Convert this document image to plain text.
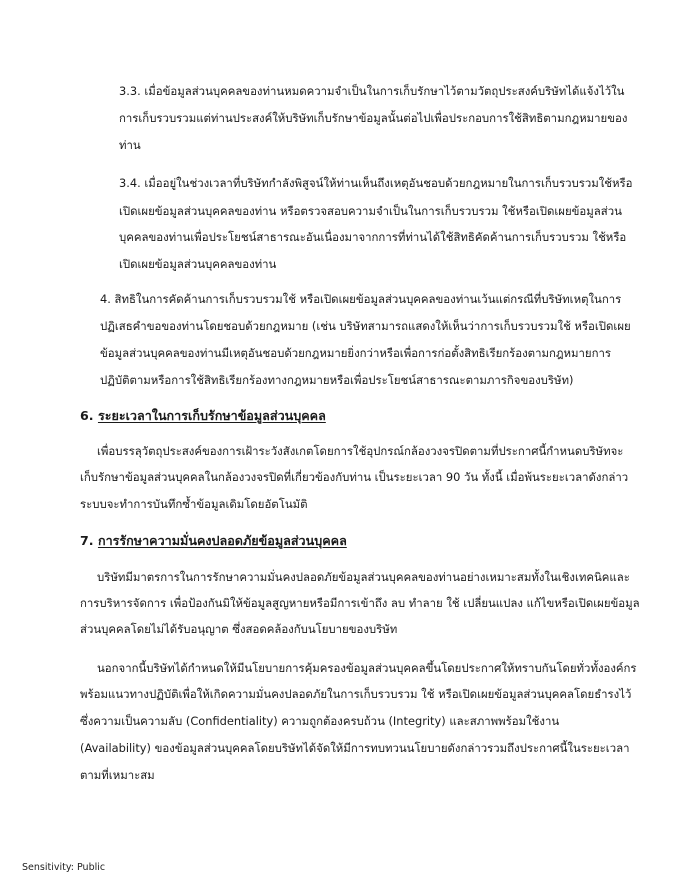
3.3. เมื่อข้อมูลส่วนบุคคลของท่านหมดความจำเป็นในการเก็บรักษาไว้ตามวัตถุประสงค์บริษัทได้แจ้งไว้ใน
การเก็บรวบรวมแต่ท่านประสงค์ให้บริษัทเก็บรักษาข้อมูลนั้นต่อไปเพื่อประกอบการใช้สิทธิตามกฎหมายของ
ท่าน
3.4. เมื่ออยู่ในช่วงเวลาที่บริษัทกำลังพิสูจน์ให้ท่านเห็นถึงเหตุอันชอบด้วยกฎหมายในการเก็บรวบรวมใช้หรือ
เปิดเผยข้อมูลส่วนบุคคลของท่าน หรือตรวจสอบความจำเป็นในการเก็บรวบรวม ใช้หรือเปิดเผยข้อมูลส่วน
บุคคลของท่านเพื่อประโยชน์สาธารณะอันเนื่องมาจากการที่ท่านได้ใช้สิทธิคัดค้านการเก็บรวบรวม ใช้หรือ
เปิดเผยข้อมูลส่วนบุคคลของท่าน
4. สิทธิในการคัดค้านการเก็บรวบรวมใช้ หรือเปิดเผยข้อมูลส่วนบุคคลของท่านเว้นแต่กรณีที่บริษัทเหตุในการ
ปฏิเสธคำขอของท่านโดยชอบด้วยกฎหมาย (เช่น บริษัทสามารถแสดงให้เห็นว่าการเก็บรวบรวมใช้ หรือเปิดเผย
ข้อมูลส่วนบุคคลของท่านมีเหตุอันชอบด้วยกฎหมายยิ่งกว่าหรือเพื่อการก่อตั้งสิทธิเรียกร้องตามกฎหมายการ
ปฏิบัติตามหรือการใช้สิทธิเรียกร้องทางกฎหมายหรือเพื่อประโยชน์สาธารณะตามภารกิจของบริษัท)
6. ระยะเวลาในการเก็บรักษาข้อมูลส่วนบุคคล
เพื่อบรรลุวัตถุประสงค์ของการเฝ้าระวังสังเกตโดยการใช้อุปกรณ์กล้องวงจรปิดตามที่ประกาศนี้กำหนดบริษัทจะ
เก็บรักษาข้อมูลส่วนบุคคลในกล้องวงจรปิดที่เกี่ยวข้องกับท่าน เป็นระยะเวลา 90 วัน ทั้งนี้ เมื่อพ้นระยะเวลาดังกล่าว
ระบบจะทำการบันทึกซ้ำข้อมูลเดิมโดยอัตโนมัติ
7. การรักษาความมั่นคงปลอดภัยข้อมูลส่วนบุคคล
บริษัทมีมาตรการในการรักษาความมั่นคงปลอดภัยข้อมูลส่วนบุคคลของท่านอย่างเหมาะสมทั้งในเชิงเทคนิคและ
การบริหารจัดการ เพื่อป้องกันมิให้ข้อมูลสูญหายหรือมีการเข้าถึง ลบ ทำลาย ใช้ เปลี่ยนแปลง แก้ไขหรือเปิดเผยข้อมูล
ส่วนบุคคลโดยไม่ได้รับอนุญาต ซึ่งสอดคล้องกับนโยบายของบริษัท
นอกจากนี้บริษัทได้กำหนดให้มีนโยบายการคุ้มครองข้อมูลส่วนบุคคลขึ้นโดยประกาศให้ทราบกันโดยทั่วทั้งองค์กร
พร้อมแนวทางปฏิบัติเพื่อให้เกิดความมั่นคงปลอดภัยในการเก็บรวบรวม ใช้ หรือเปิดเผยข้อมูลส่วนบุคคลโดยธำรงไว้
ซึ่งความเป็นความลับ (Confidentiality) ความถูกต้องครบถ้วน (Integrity) และสภาพพร้อมใช้งาน
(Availability) ของข้อมูลส่วนบุคคลโดยบริษัทได้จัดให้มีการทบทวนนโยบายดังกล่าวรวมถึงประกาศนี้ในระยะเวลา
ตามที่เหมาะสม
Sensitivity: Public
